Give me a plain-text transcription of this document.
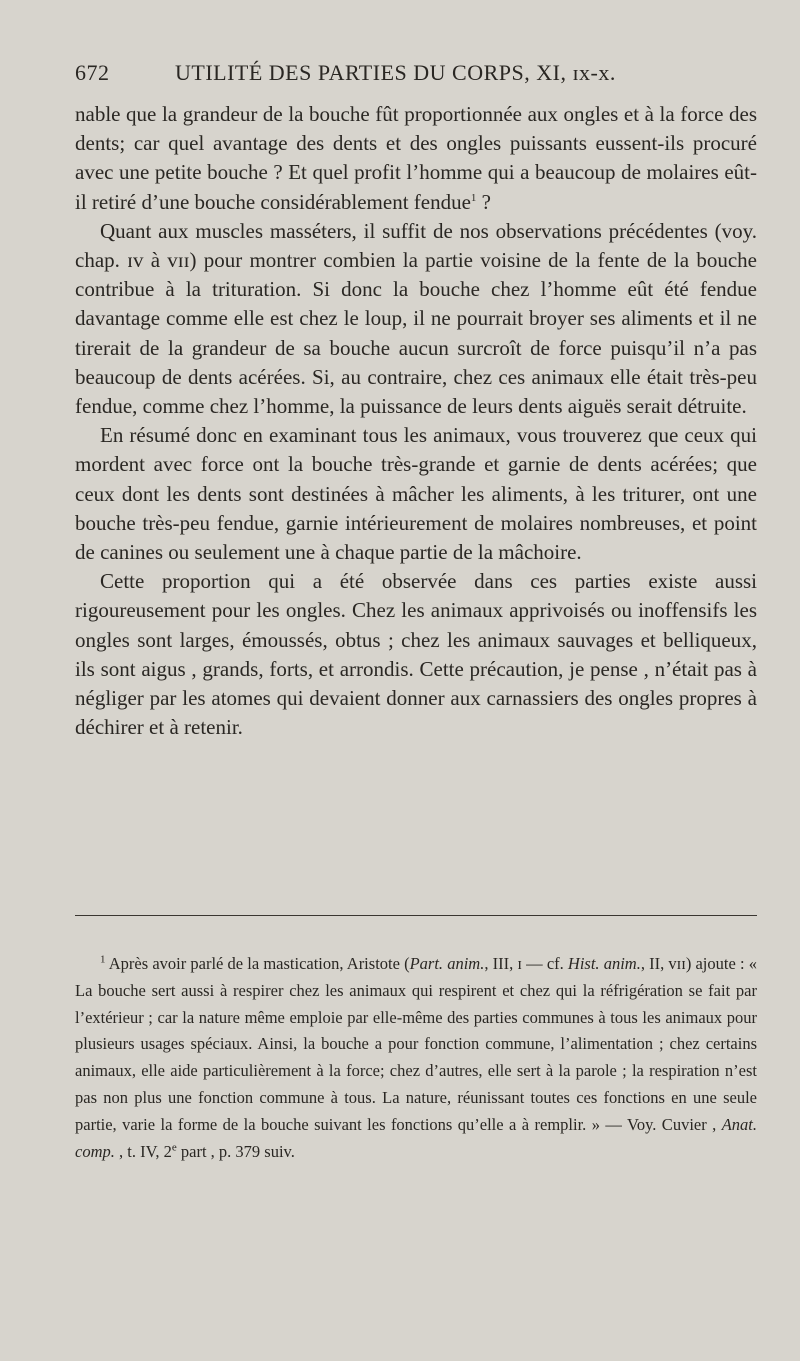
672	UTILITÉ DES PARTIES DU CORPS, XI, ɪx-x.

nable que la grandeur de la bouche fût proportionnée aux ongles et à la force des dents; car quel avantage des dents et des ongles puissants eussent-ils procuré avec une petite bouche ? Et quel profit l’homme qui a beaucoup de molaires eût-il retiré d’une bouche considérablement fendue$^1$ ?

Quant aux muscles masséters, il suffit de nos observations précédentes (voy. chap. ɪv à vɪɪ) pour montrer combien la partie voisine de la fente de la bouche contribue à la trituration. Si donc la bouche chez l’homme eût été fendue davantage comme elle est chez le loup, il ne pourrait broyer ses aliments et il ne tirerait de la grandeur de sa bouche aucun surcroît de force puisqu’il n’a pas beaucoup de dents acérées. Si, au contraire, chez ces animaux elle était très-peu fendue, comme chez l’homme, la puissance de leurs dents aiguës serait détruite.

En résumé donc en examinant tous les animaux, vous trouverez que ceux qui mordent avec force ont la bouche très-grande et garnie de dents acérées; que ceux dont les dents sont destinées à mâcher les aliments, à les triturer, ont une bouche très-peu fendue, garnie intérieurement de molaires nombreuses, et point de canines ou seulement une à chaque partie de la mâchoire.

Cette proportion qui a été observée dans ces parties existe aussi rigoureusement pour les ongles. Chez les animaux apprivoisés ou inoffensifs les ongles sont larges, émoussés, obtus ; chez les animaux sauvages et belliqueux, ils sont aigus , grands, forts, et arrondis. Cette précaution, je pense , n’était pas à négliger par les atomes qui devaient donner aux carnassiers des ongles propres à déchirer et à retenir.

$^1$ Après avoir parlé de la mastication, Aristote (Part. anim., III, ɪ — cf. Hist. anim., II, vɪɪ) ajoute : « La bouche sert aussi à respirer chez les animaux qui respirent et chez qui la réfrigération se fait par l’extérieur ; car la nature même emploie par elle-même des parties communes à tous les animaux pour plusieurs usages spéciaux. Ainsi, la bouche a pour fonction commune, l’alimentation ; chez certains animaux, elle aide particulièrement à la force; chez d’autres, elle sert à la parole ; la respiration n’est pas non plus une fonction commune à tous. La nature, réunissant toutes ces fonctions en une seule partie, varie la forme de la bouche suivant les fonctions qu’elle a à remplir. » — Voy. Cuvier , Anat. comp. , t. IV, 2e part , p. 379 suiv.
